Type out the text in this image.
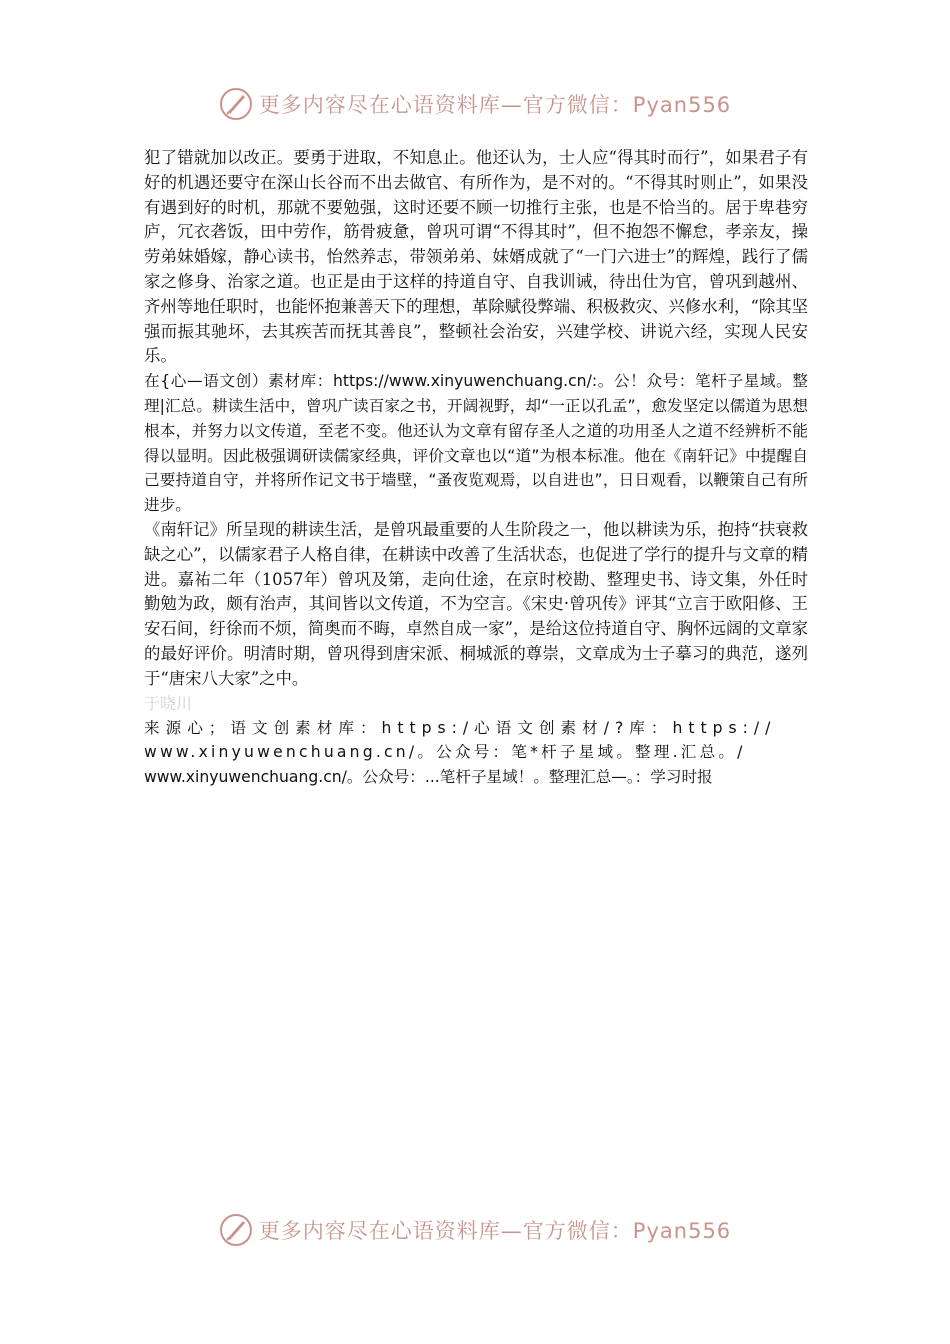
更多内容尽在心语资料库—官方微信：Pyan556

犯了错就加以改正。要勇于进取，不知息止。他还认为，士人应“得其时而行”，如果君子有好的机遇还要守在深山长谷而不出去做官、有所作为，是不对的。“不得其时则止”，如果没有遇到好的时机，那就不要勉强，这时还要不顾一切推行主张，也是不恰当的。居于卑巷穷庐，冗衣砻饭，田中劳作，筋骨疲惫，曾巩可谓“不得其时”，但不抱怨不懈怠，孝亲友，操劳弟妹婚嫁，静心读书，怡然养志，带领弟弟、妹婿成就了“一门六进士”的辉煌，践行了儒家之修身、治家之道。也正是由于这样的持道自守、自我训诫，待出仕为官，曾巩到越州、齐州等地任职时，也能怀抱兼善天下的理想，革除赋役弊端、积极救灾、兴修水利，“除其坚强而振其驰坏，去其疾苦而抚其善良”，整顿社会治安，兴建学校、讲说六经，实现人民安乐。

在{心—语文创）素材库：https://www.xinyuwenchuang.cn/:。公！众号：笔杆子星域。整理|汇总。耕读生活中，曾巩广读百家之书，开阔视野，却“一正以孔孟”，愈发坚定以儒道为思想根本，并努力以文传道，至老不变。他还认为文章有留存圣人之道的功用圣人之道不经辨析不能得以显明。因此极强调研读儒家经典，评价文章也以“道”为根本标准。他在《南轩记》中提醒自己要持道自守，并将所作记文书于墙壁，“蚤夜览观焉，以自进也”，日日观看，以鞭策自己有所进步。

《南轩记》所呈现的耕读生活，是曾巩最重要的人生阶段之一，他以耕读为乐，抱持“扶衰救缺之心”，以儒家君子人格自律，在耕读中改善了生活状态，也促进了学行的提升与文章的精进。嘉祐二年（1057年）曾巩及第，走向仕途，在京时校勘、整理史书、诗文集，外任时勤勉为政，颇有治声，其间皆以文传道，不为空言。《宋史·曾巩传》评其“立言于欧阳修、王安石间，纡徐而不烦，简奥而不晦，卓然自成一家”，是给这位持道自守、胸怀远阔的文章家的最好评价。明清时期，曾巩得到唐宋派、桐城派的尊崇，文章成为士子摹习的典范，遂列于“唐宋八大家”之中。

于晓川

来源心；语文创素材库：https:/心语文创素材/?库：https://
www.xinyuwenchuang.cn/。公众号：笔*杆子星域。整理.汇总。/
www.xinyuwenchuang.cn/。公众号：...笔杆子星域！。整理汇总—。：学习时报
更多内容尽在心语资料库—官方微信：Pyan556
